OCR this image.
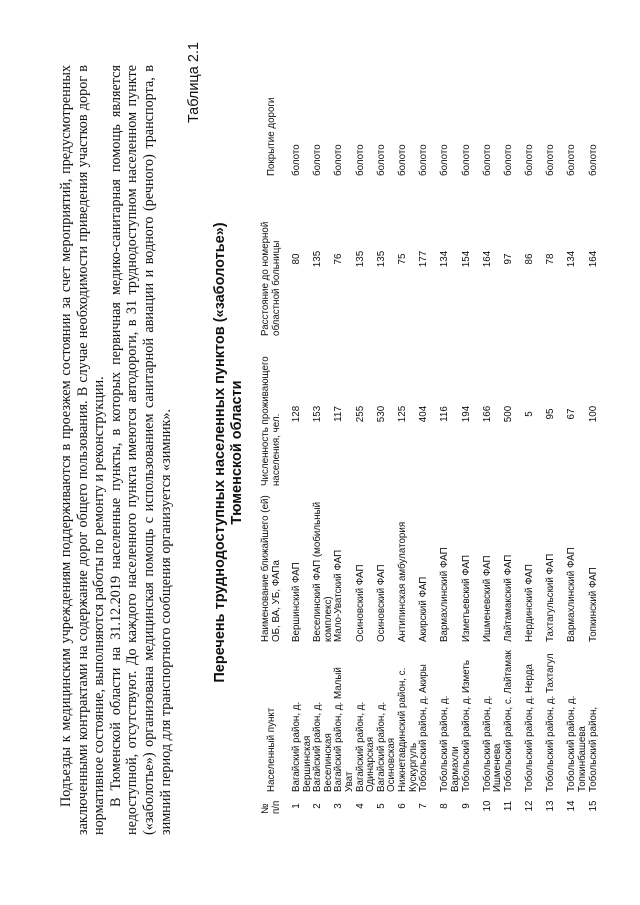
Подъезды к медицинским учреждениям поддерживаются в проезжем состоянии за счет мероприятий, предусмотренных заключенными контрактами на содержание дорог общего пользования. В случае необходимости приведения участков дорог в нормативное состояние, выполняются работы по ремонту и реконструкции. В Тюменской области на 31.12.2019 населенные пункты, в которых первичная медико-санитарная помощь является недоступной, отсутствуют. До каждого населенного пункта имеются автодороги, в 31 труднодоступном населенном пункте («заболотье») организована медицинская помощь с использованием санитарной авиации и водного (речного) транспорта, в зимний период для транспортного сообщения организуется «зимник».

Таблица 2.1
Перечень труднодоступных населенных пунктов («заболотье») Тюменской области
№ п/п	Населенный пункт	Наименование ближайшего (ей) ОБ, ВА, УБ, ФАПа	Численность проживающего населения, чел.	Расстояние до номерной областной больницы	Покрытие дороги
1	Вагайский район, д. Вершинская	Вершинский ФАП	128	80	болото
2	Вагайский район, д. Веселинская	Веселинский ФАП (мобильный комплекс)	153	135	болото
3	Вагайский район, д. Малый Уват	Мало-Уватский ФАП	117	76	болото
4	Вагайский район, д. Одинарская	Осиновский ФАП	255	135	болото
5	Вагайский район, д. Осиновская	Осиновский ФАП	530	135	болото
6	Нижнетавдинский район, с. Кускургуль	Антипинская амбулатория	125	75	болото
7	Тобольский район, д. Акиры	Акирский ФАП	404	177	болото
8	Тобольский район, д. Вармахли	Вармахлинский ФАП	116	134	болото
9	Тобольский район, д. Изметь	Изметьевский ФАП	194	154	болото
10	Тобольский район, д. Ишменева	Ишменевский ФАП	166	164	болото
11	Тобольский район, с. Лайтамак	Лайтамакский ФАП	500	97	болото
12	Тобольский район, д. Нерда	Нердинский ФАП	5	86	болото
13	Тобольский район, д. Тахтагул	Тахтагульский ФАП	95	78	болото
14	Тобольский район, д. Топкинбашева	Вармахлинский ФАП	67	134	болото
15	Тобольский район,	Топкинский ФАП	100	164	болото
